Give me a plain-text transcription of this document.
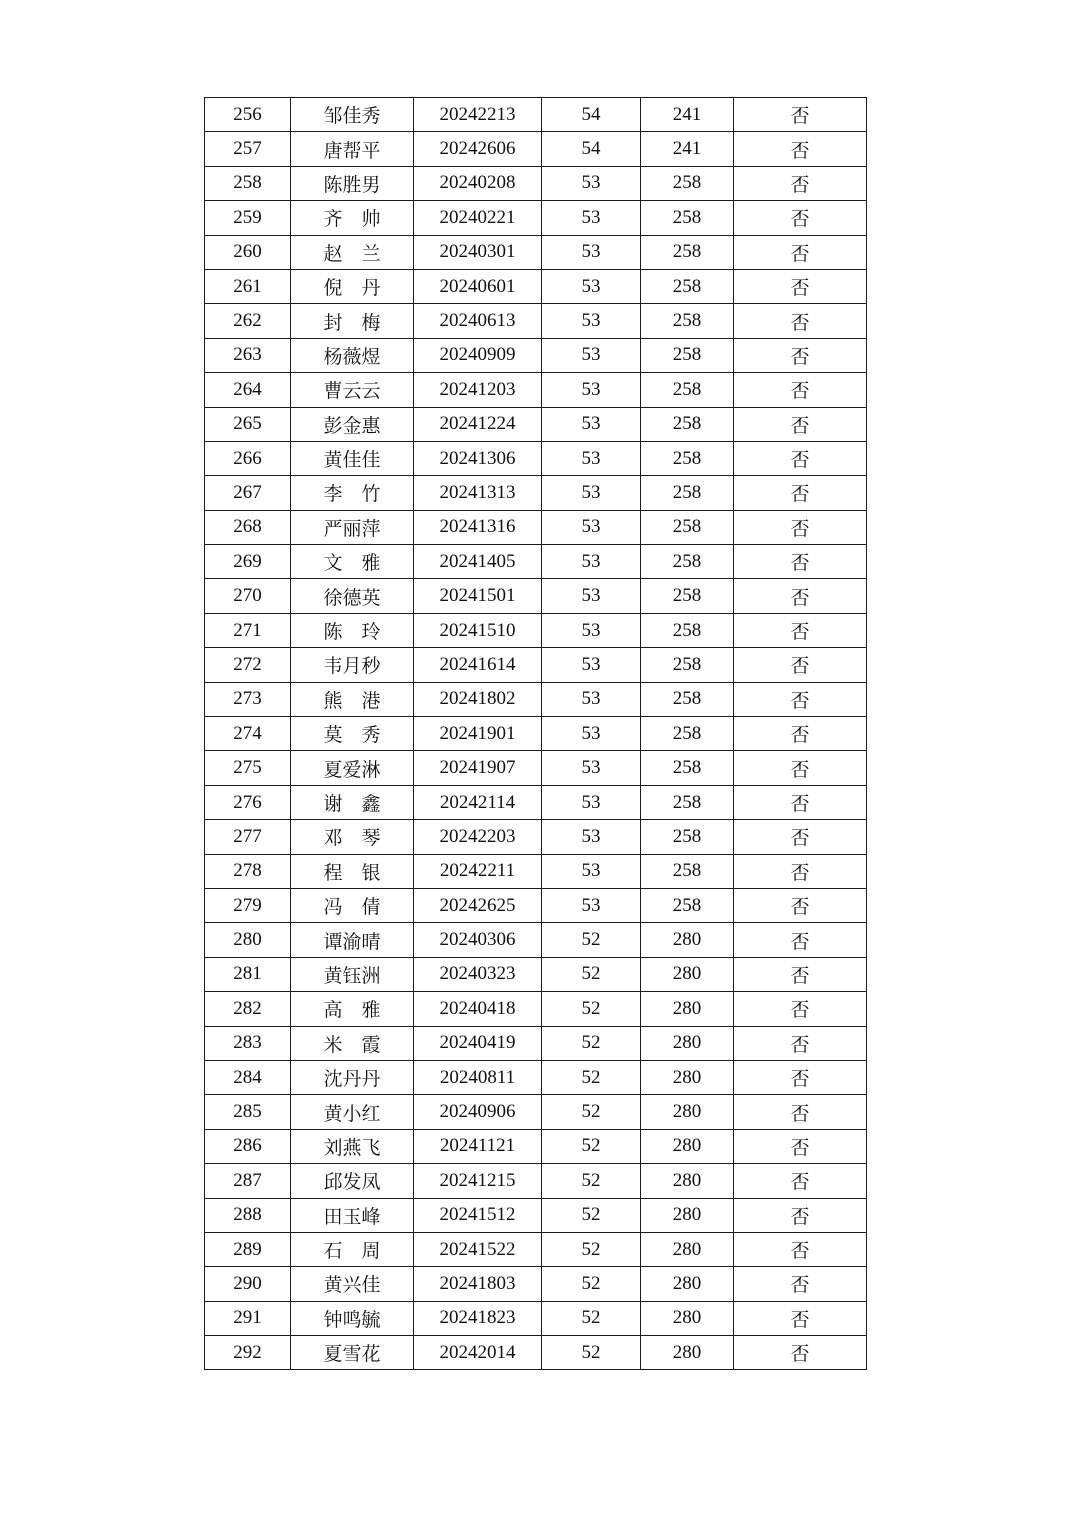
256	邹佳秀	20242213	54	241	否
257	唐帮平	20242606	54	241	否
258	陈胜男	20240208	53	258	否
259	齐　帅	20240221	53	258	否
260	赵　兰	20240301	53	258	否
261	倪　丹	20240601	53	258	否
262	封　梅	20240613	53	258	否
263	杨薇煜	20240909	53	258	否
264	曹云云	20241203	53	258	否
265	彭金惠	20241224	53	258	否
266	黄佳佳	20241306	53	258	否
267	李　竹	20241313	53	258	否
268	严丽萍	20241316	53	258	否
269	文　雅	20241405	53	258	否
270	徐德英	20241501	53	258	否
271	陈　玲	20241510	53	258	否
272	韦月秒	20241614	53	258	否
273	熊　港	20241802	53	258	否
274	莫　秀	20241901	53	258	否
275	夏爱淋	20241907	53	258	否
276	谢　鑫	20242114	53	258	否
277	邓　琴	20242203	53	258	否
278	程　银	20242211	53	258	否
279	冯　倩	20242625	53	258	否
280	谭渝晴	20240306	52	280	否
281	黄钰洲	20240323	52	280	否
282	高　雅	20240418	52	280	否
283	米　霞	20240419	52	280	否
284	沈丹丹	20240811	52	280	否
285	黄小红	20240906	52	280	否
286	刘燕飞	20241121	52	280	否
287	邱发凤	20241215	52	280	否
288	田玉峰	20241512	52	280	否
289	石　周	20241522	52	280	否
290	黄兴佳	20241803	52	280	否
291	钟鸣毓	20241823	52	280	否
292	夏雪花	20242014	52	280	否
